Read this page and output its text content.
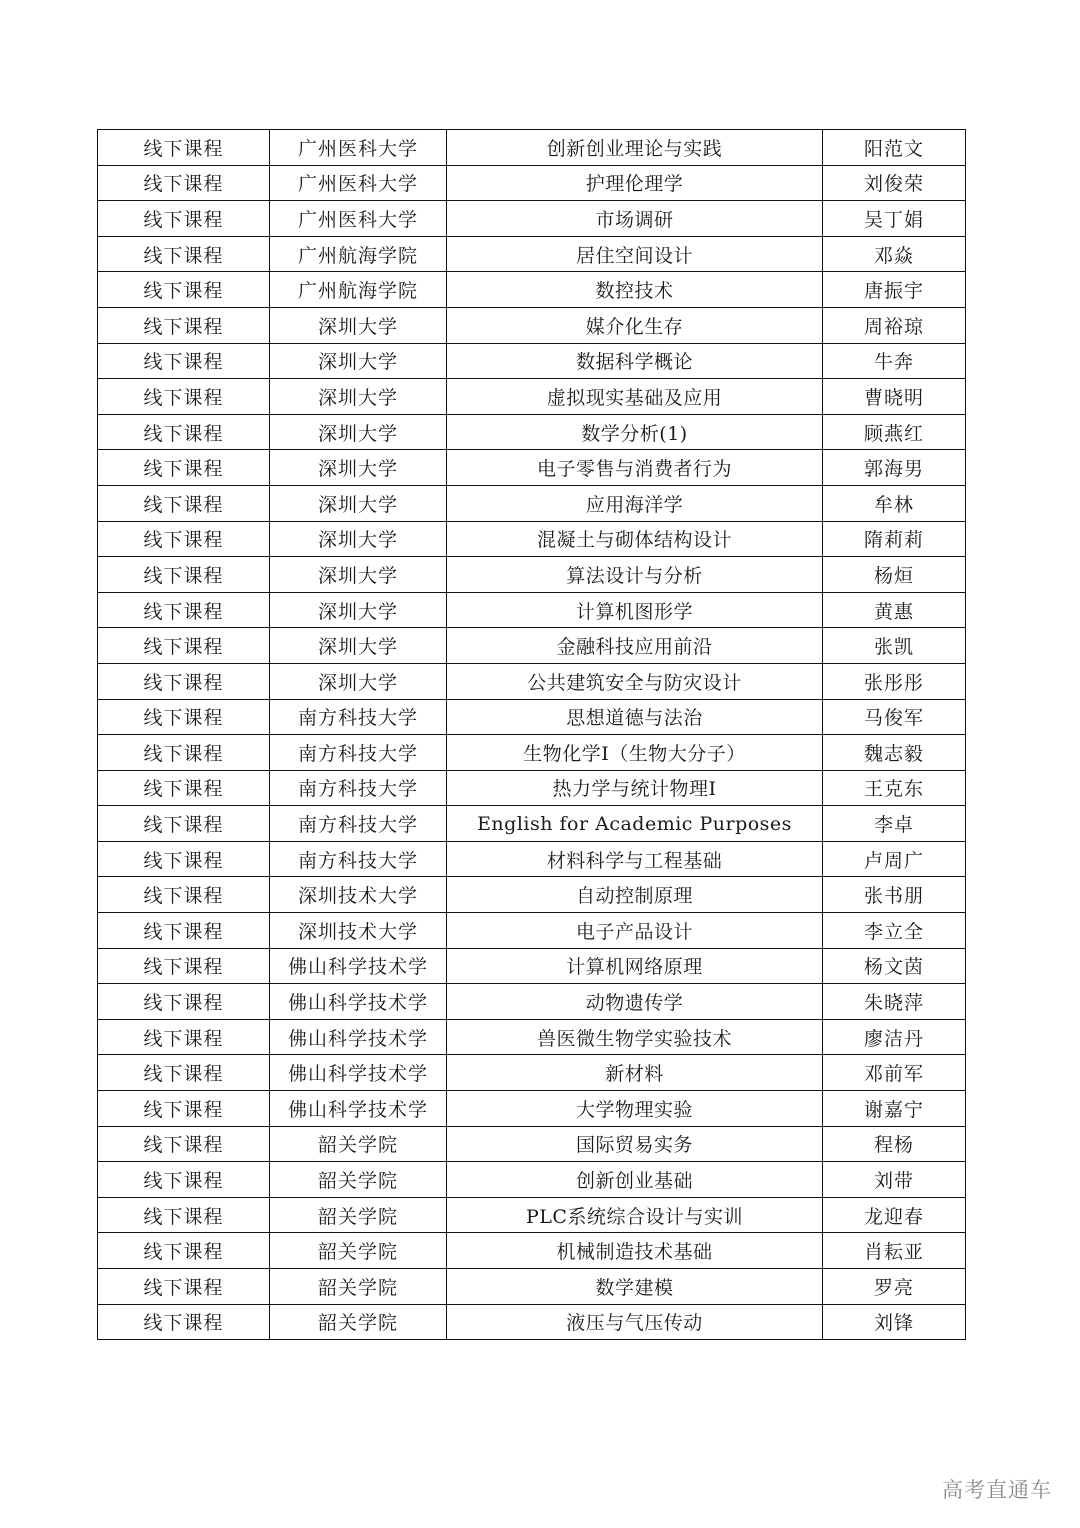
线下课程	广州医科大学	创新创业理论与实践	阳范文
线下课程	广州医科大学	护理伦理学	刘俊荣
线下课程	广州医科大学	市场调研	吴丁娟
线下课程	广州航海学院	居住空间设计	邓焱
线下课程	广州航海学院	数控技术	唐振宇
线下课程	深圳大学	媒介化生存	周裕琼
线下课程	深圳大学	数据科学概论	牛奔
线下课程	深圳大学	虚拟现实基础及应用	曹晓明
线下课程	深圳大学	数学分析(1)	顾燕红
线下课程	深圳大学	电子零售与消费者行为	郭海男
线下课程	深圳大学	应用海洋学	牟林
线下课程	深圳大学	混凝土与砌体结构设计	隋莉莉
线下课程	深圳大学	算法设计与分析	杨烜
线下课程	深圳大学	计算机图形学	黄惠
线下课程	深圳大学	金融科技应用前沿	张凯
线下课程	深圳大学	公共建筑安全与防灾设计	张彤彤
线下课程	南方科技大学	思想道德与法治	马俊军
线下课程	南方科技大学	生物化学I（生物大分子）	魏志毅
线下课程	南方科技大学	热力学与统计物理I	王克东
线下课程	南方科技大学	English for Academic Purposes	李卓
线下课程	南方科技大学	材料科学与工程基础	卢周广
线下课程	深圳技术大学	自动控制原理	张书朋
线下课程	深圳技术大学	电子产品设计	李立全
线下课程	佛山科学技术学	计算机网络原理	杨文茵
线下课程	佛山科学技术学	动物遗传学	朱晓萍
线下课程	佛山科学技术学	兽医微生物学实验技术	廖洁丹
线下课程	佛山科学技术学	新材料	邓前军
线下课程	佛山科学技术学	大学物理实验	谢嘉宁
线下课程	韶关学院	国际贸易实务	程杨
线下课程	韶关学院	创新创业基础	刘带
线下课程	韶关学院	PLC系统综合设计与实训	龙迎春
线下课程	韶关学院	机械制造技术基础	肖耘亚
线下课程	韶关学院	数学建模	罗亮
线下课程	韶关学院	液压与气压传动	刘锋
高考直通车
